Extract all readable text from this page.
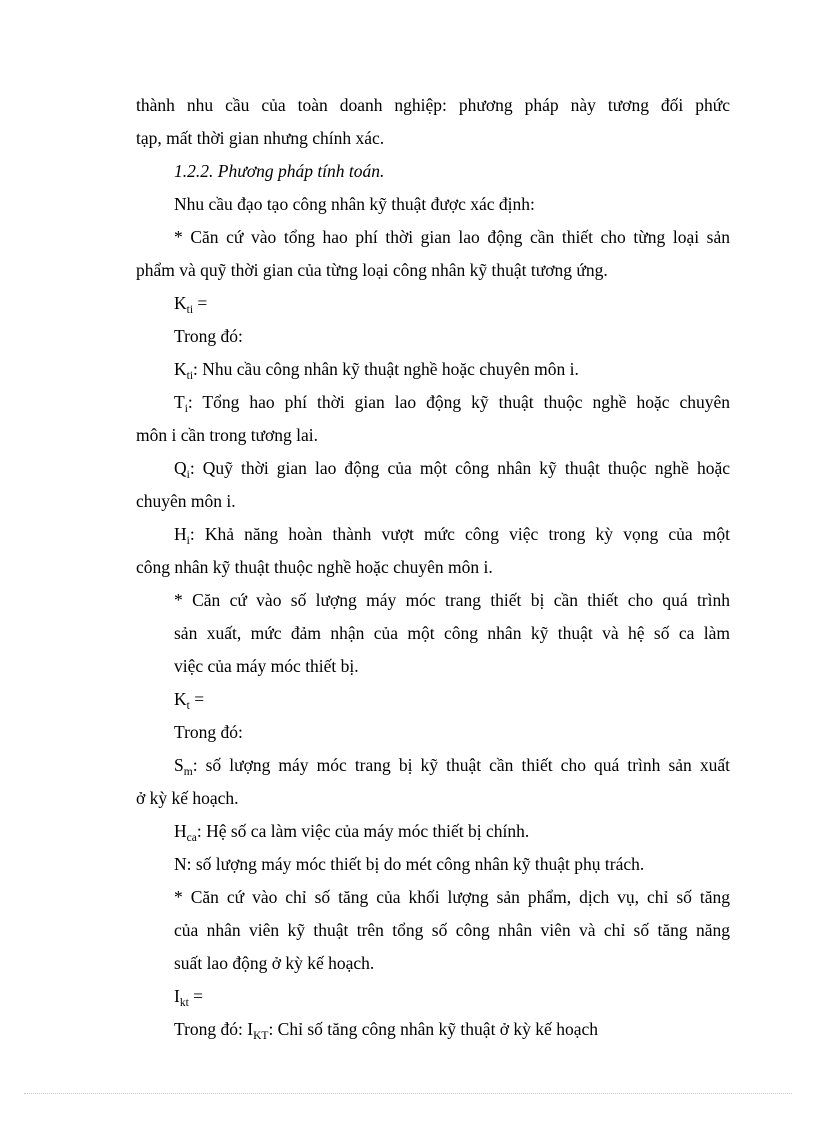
thành nhu cầu của toàn doanh nghiệp: phương pháp này tương đối phức
tạp, mất thời gian nhưng chính xác.
1.2.2. Phương pháp tính toán.
Nhu cầu đạo tạo công nhân kỹ thuật được xác định:
* Căn cứ vào tổng hao phí thời gian lao động cần thiết cho từng loại sản
phẩm và quỹ thời gian của từng loại công nhân kỹ thuật tương ứng.
$K_{ti}$ =
Trong đó:
$K_{ti}$: Nhu cầu công nhân kỹ thuật nghề hoặc chuyên môn i.
$T_i$: Tổng hao phí thời gian lao động kỹ thuật thuộc nghề hoặc chuyên
môn i cần trong tương lai.
$Q_i$: Quỹ thời gian lao động của một công nhân kỹ thuật thuộc nghề hoặc
chuyên môn i.
$H_i$: Khả năng hoàn thành vượt mức công việc trong kỳ vọng của một
công nhân kỹ thuật thuộc nghề hoặc chuyên môn i.
* Căn cứ vào số lượng máy móc trang thiết bị cần thiết cho quá trình
sản xuất, mức đảm nhận của một công nhân kỹ thuật và hệ số ca làm
việc của máy móc thiết bị.
$K_t$ =
Trong đó:
$S_m$: số lượng máy móc trang bị kỹ thuật cần thiết cho quá trình sản xuất
ở kỳ kế hoạch.
$H_{ca}$: Hệ số ca làm việc của máy móc thiết bị chính.
N: số lượng máy móc thiết bị do mét công nhân kỹ thuật phụ trách.
* Căn cứ vào chỉ số tăng của khối lượng sản phẩm, dịch vụ, chỉ số tăng
của nhân viên kỹ thuật trên tổng số công nhân viên và chỉ số tăng năng
suất lao động ở kỳ kế hoạch.
$I_{kt}$ =
Trong đó: $I_{KT}$: Chỉ số tăng công nhân kỹ thuật ở kỳ kế hoạch
